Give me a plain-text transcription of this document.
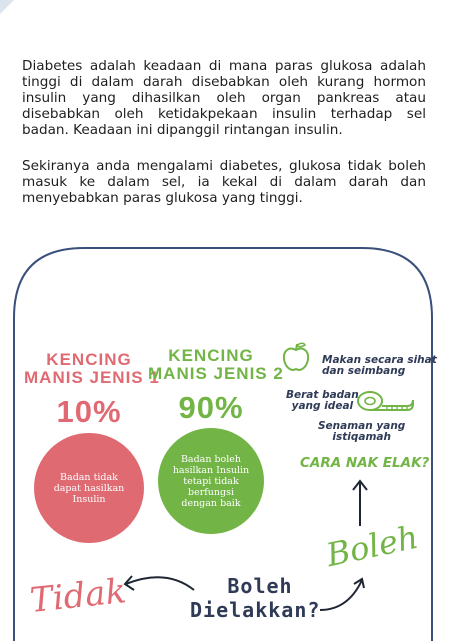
Diabetes adalah keadaan di mana paras glukosa adalah tinggi di dalam darah disebabkan oleh kurang hormon insulin yang dihasilkan oleh organ pankreas atau disebabkan oleh ketidakpekaan insulin terhadap sel badan. Keadaan ini dipanggil rintangan insulin.

Sekiranya anda mengalami diabetes, glukosa tidak boleh masuk ke dalam sel, ia kekal di dalam darah dan menyebabkan paras glukosa yang tinggi.

KENCING

MANIS JENIS 1

10%

Badan tidak
dapat hasilkan
Insulin

KENCING

MANIS JENIS 2

90%

Badan boleh
hasilkan Insulin
tetapi tidak
berfungsi
dengan baik

Makan secara sihat
dan seimbang

Berat badan
yang ideal

Senaman yang
istiqamah

CARA NAK ELAK?

Boleh

Tidak	Boleh

Dielakkan?
